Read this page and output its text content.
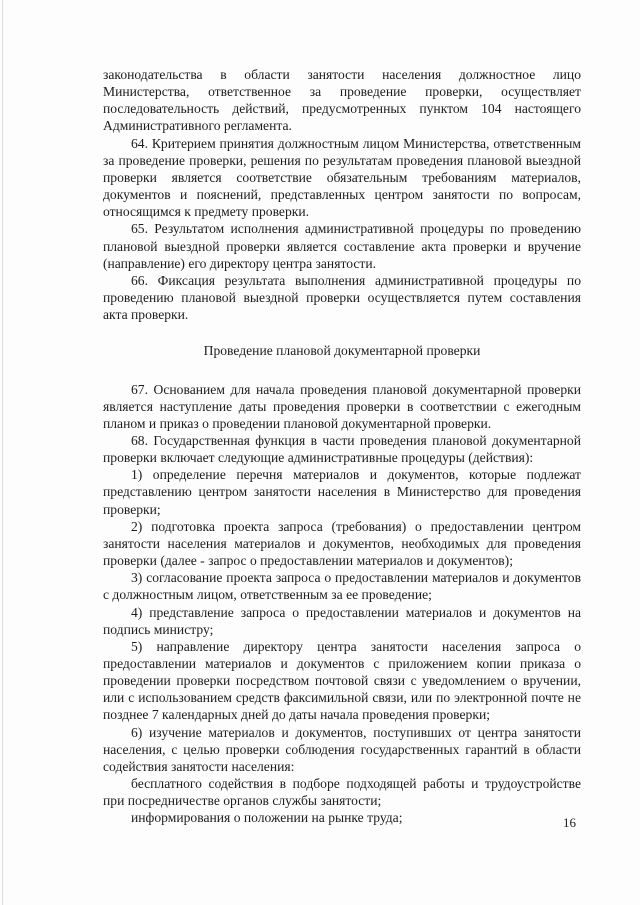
законодательства в области занятости населения должностное лицо Министерства, ответственное за проведение проверки, осуществляет последовательность действий, предусмотренных пунктом 104 настоящего Административного регламента.

64. Критерием принятия должностным лицом Министерства, ответственным за проведение проверки, решения по результатам проведения плановой выездной проверки является соответствие обязательным требованиям материалов, документов и пояснений, представленных центром занятости по вопросам, относящимся к предмету проверки.

65. Результатом исполнения административной процедуры по проведению плановой выездной проверки является составление акта проверки и вручение (направление) его директору центра занятости.

66. Фиксация результата выполнения административной процедуры по проведению плановой выездной проверки осуществляется путем составления акта проверки.

Проведение плановой документарной проверки

67. Основанием для начала проведения плановой документарной проверки является наступление даты проведения проверки в соответствии с ежегодным планом и приказ о проведении плановой документарной проверки.

68. Государственная функция в части проведения плановой документарной проверки включает следующие административные процедуры (действия):

1) определение перечня материалов и документов, которые подлежат представлению центром занятости населения в Министерство для проведения проверки;

2) подготовка проекта запроса (требования) о предоставлении центром занятости населения материалов и документов, необходимых для проведения проверки (далее - запрос о предоставлении материалов и документов);

3) согласование проекта запроса о предоставлении материалов и документов с должностным лицом, ответственным за ее проведение;

4) представление запроса о предоставлении материалов и документов на подпись министру;

5) направление директору центра занятости населения запроса о предоставлении материалов и документов с приложением копии приказа о проведении проверки посредством почтовой связи с уведомлением о вручении, или с использованием средств факсимильной связи, или по электронной почте не позднее 7 календарных дней до даты начала проведения проверки;

6) изучение материалов и документов, поступивших от центра занятости населения, с целью проверки соблюдения государственных гарантий в области содействия занятости населения:

бесплатного содействия в подборе подходящей работы и трудоустройстве при посредничестве органов службы занятости;

информирования о положении на рынке труда;	16
